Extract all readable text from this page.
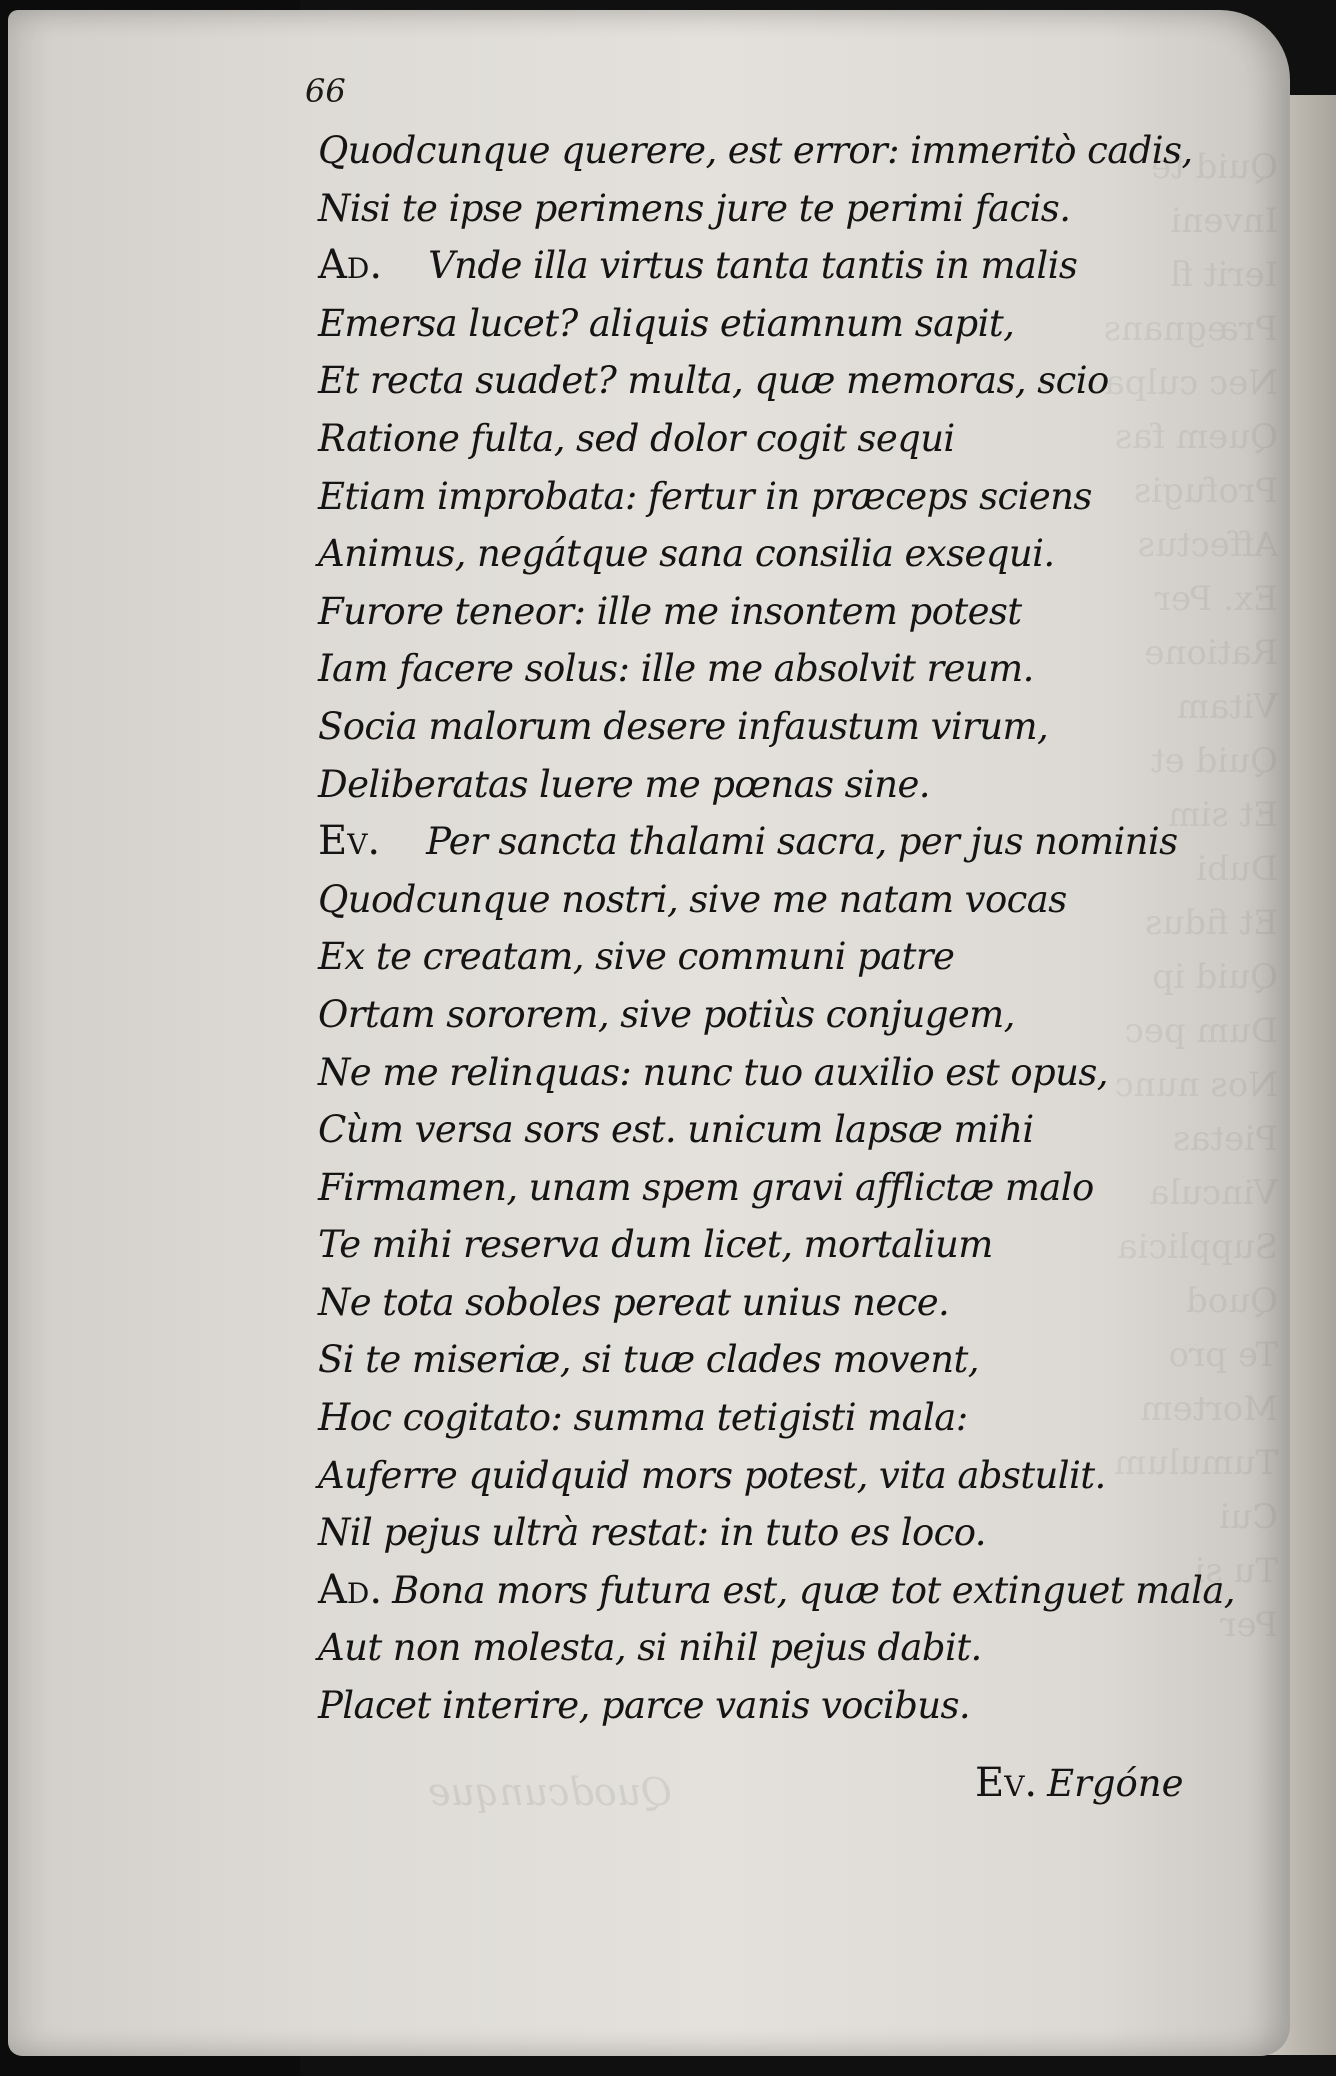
Quid te
Inveni
Ierit fl
Prægnans
Nec culpa
Quem fas
Profugis
Affectus
Ex. Per
Ratione
Vitam
Quid et
Et sim
Dubi
Et fidus
Quid ip
Dum pec
Nos nunc
Pietas
Vincula
Supplicia
Quod
Te pro
Mortem
Tumulum
Cui
Tu si
Per
Quodcunque
66
Quodcunque querere, est error: immeritò cadis,
Nisi te ipse perimens jure te perimi facis.
Ad. Vnde illa virtus tanta tantis in malis
Emersa lucet? aliquis etiamnum sapit,
Et recta suadet? multa, quæ memoras, scio
Ratione fulta, sed dolor cogit sequi
Etiam improbata: fertur in præceps sciens
Animus, negátque sana consilia exsequi.
Furore teneor: ille me insontem potest
Iam facere solus: ille me absolvit reum.
Socia malorum desere infaustum virum,
Deliberatas luere me pœnas sine.
Ev. Per sancta thalami sacra, per jus nominis
Quodcunque nostri, sive me natam vocas
Ex te creatam, sive communi patre
Ortam sororem, sive potiùs conjugem,
Ne me relinquas: nunc tuo auxilio est opus,
Cùm versa sors est. unicum lapsæ mihi
Firmamen, unam spem gravi afflictæ malo
Te mihi reserva dum licet, mortalium
Ne tota soboles pereat unius nece.
Si te miseriæ, si tuæ clades movent,
Hoc cogitato: summa tetigisti mala:
Auferre quidquid mors potest, vita abstulit.
Nil pejus ultrà restat: in tuto es loco.
Ad. Bona mors futura est, quæ tot extinguet mala,
Aut non molesta, si nihil pejus dabit.
Placet interire, parce vanis vocibus.
Ev. Ergóne
